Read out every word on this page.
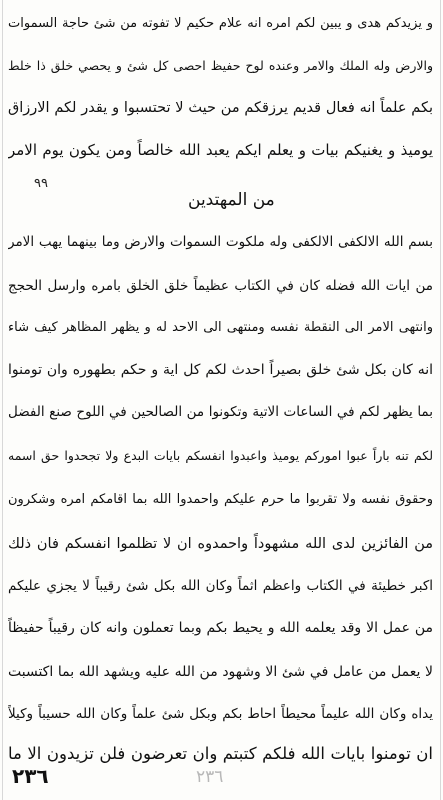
و يزيدكم هدى و يبين لكم امره انه علام حكيم لا تفوته من شئ حاجة السموات
والارض وله الملك والامر وعنده لوح حفيظ احصى كل شئ و يحصي خلق ذا خلط
بكم علماً انه فعال قديم يرزقكم من حيث لا تحتسبوا و يقدر لكم الارزاق
يوميذ و يغنيكم بيات و يعلم ايكم يعبد الله خالصاً ومن يكون يوم الامر
٩٩
من المهتدين
بسم الله الالكفى الالكفى وله ملكوت السموات والارض وما بينهما يهب الامر
من ايات الله فضله كان في الكتاب عظيماً خلق الخلق بامره وارسل الحجج
وانتهى الامر الى النقطة نفسه ومنتهى الى الاحد له و يظهر المظاهر كيف شاء
انه كان بكل شئ خلق بصيراً احدث لكم كل اية و حكم بطهوره وان تومنوا
بما يظهر لكم في الساعات الاتية وتكونوا من الصالحين في اللوح صنع الفضل
لكم تنه باراً عبوا امورکم يوميذ واعبدوا انفسكم بايات البدع ولا تجحدوا حق اسمه
وحقوق نفسه ولا تقربوا ما حرم عليكم واحمدوا الله بما اقامكم امره وشكرون
من الفائزين لدى الله مشهوداً واحمدوه ان لا تظلموا انفسكم فان ذلك
اكبر خطيئة في الكتاب واعظم اثماً وكان الله بكل شئ رقيباً لا يجزي عليكم
من عمل الا وقد يعلمه الله و يحيط بكم وبما تعملون وانه كان رقيباً حفيظاً
لا يعمل من عامل في شئ الا وشهود من الله عليه ويشهد الله بما اكتسبت
يداه وكان الله عليماً محيطاً احاط بكم وبكل شئ علماً وكان الله حسيباً وكيلاً
ان تومنوا بايات الله فلكم كتبتم وان تعرضون فلن تزيدون الا ما
٢٣٦	٢٣٦
